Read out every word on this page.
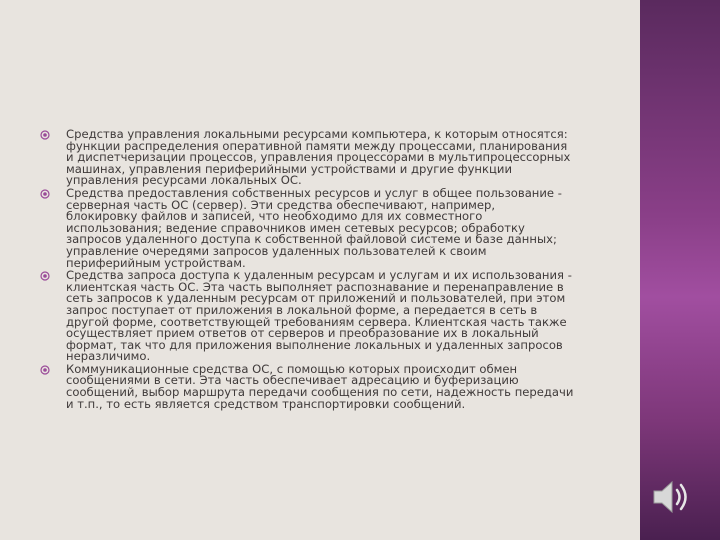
Средства управления локальными ресурсами компьютера, к которым относятся:
функции распределения оперативной памяти между процессами, планирования
и диспетчеризации процессов, управления процессорами в мультипроцессорных
машинах, управления периферийными устройствами и другие функции
управления ресурсами локальных ОС.
Средства предоставления собственных ресурсов и услуг в общее пользование -
серверная часть ОС (сервер). Эти средства обеспечивают, например,
блокировку файлов и записей, что необходимо для их совместного
использования; ведение справочников имен сетевых ресурсов; обработку
запросов удаленного доступа к собственной файловой системе и базе данных;
управление очередями запросов удаленных пользователей к своим
периферийным устройствам.
Средства запроса доступа к удаленным ресурсам и услугам и их использования -
клиентская часть ОС. Эта часть выполняет распознавание и перенаправление в
сеть запросов к удаленным ресурсам от приложений и пользователей, при этом
запрос поступает от приложения в локальной форме, а передается в сеть в
другой форме, соответствующей требованиям сервера. Клиентская часть также
осуществляет прием ответов от серверов и преобразование их в локальный
формат, так что для приложения выполнение локальных и удаленных запросов
неразличимо.
Коммуникационные средства ОС, с помощью которых происходит обмен
сообщениями в сети. Эта часть обеспечивает адресацию и буферизацию
сообщений, выбор маршрута передачи сообщения по сети, надежность передачи
и т.п., то есть является средством транспортировки сообщений.
